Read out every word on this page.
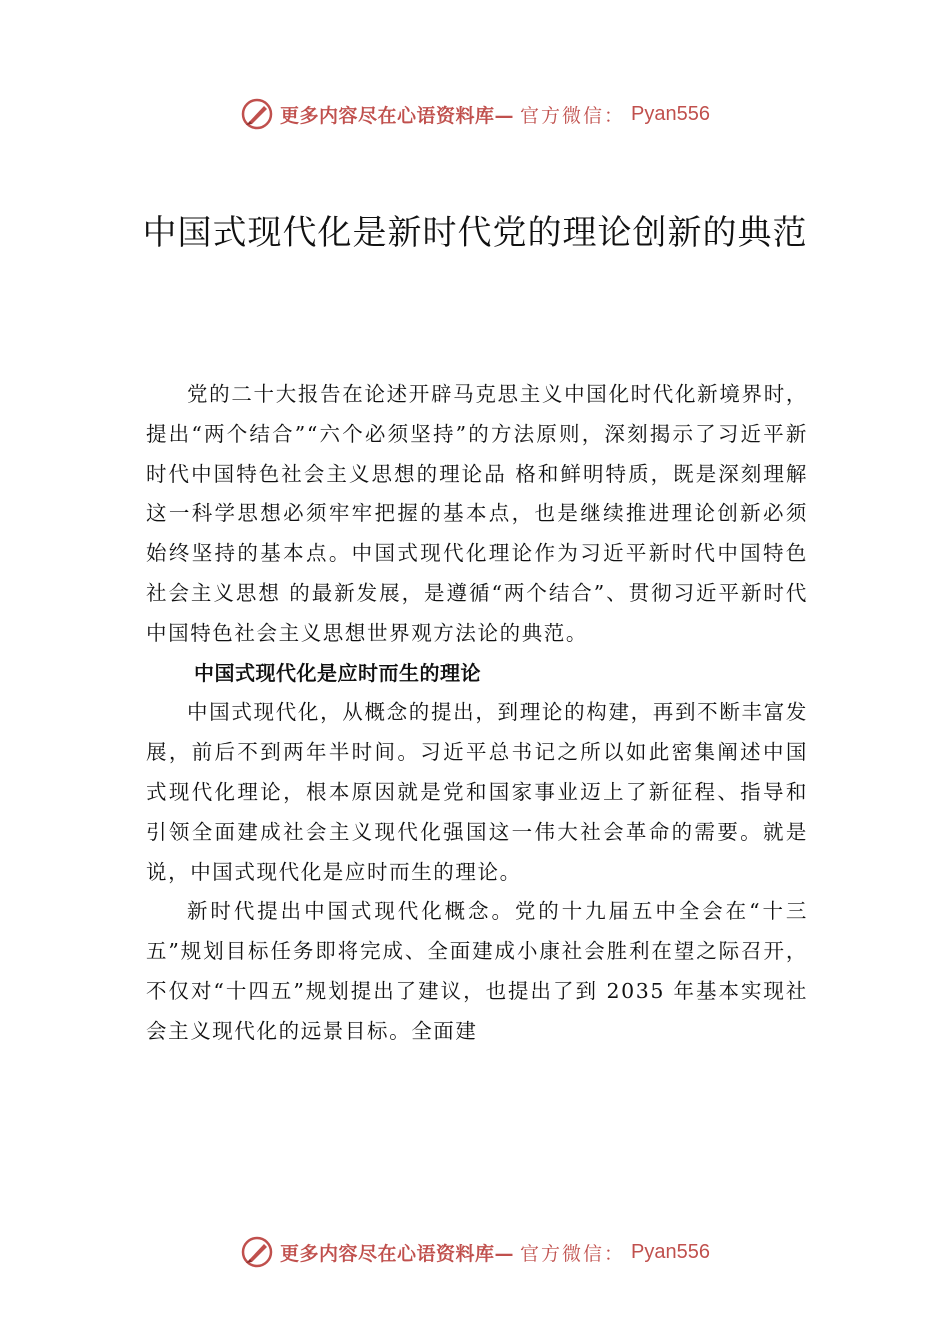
更多内容尽在心语资料库— 官方微信： Pyan556
中国式现代化是新时代党的理论创新的典范

党的二十大报告在论述开辟马克思主义中国化时代化新境界时，提出“两个结合”“六个必须坚持”的方法原则，深刻揭示了习近平新时代中国特色社会主义思想的理论品 格和鲜明特质，既是深刻理解这一科学思想必须牢牢把握的基本点，也是继续推进理论创新必须始终坚持的基本点。中国式现代化理论作为习近平新时代中国特色社会主义思想 的最新发展，是遵循“两个结合”、贯彻习近平新时代中国特色社会主义思想世界观方法论的典范。

中国式现代化是应时而生的理论

中国式现代化，从概念的提出，到理论的构建，再到不断丰富发展，前后不到两年半时间。习近平总书记之所以如此密集阐述中国式现代化理论，根本原因就是党和国家事业迈上了新征程、指导和引领全面建成社会主义现代化强国这一伟大社会革命的需要。就是说，中国式现代化是应时而生的理论。

新时代提出中国式现代化概念。党的十九届五中全会在“十三五”规划目标任务即将完成、全面建成小康社会胜利在望之际召开，不仅对“十四五”规划提出了建议，也提出了到 2035 年基本实现社会主义现代化的远景目标。全面建

更多内容尽在心语资料库— 官方微信： Pyan556
